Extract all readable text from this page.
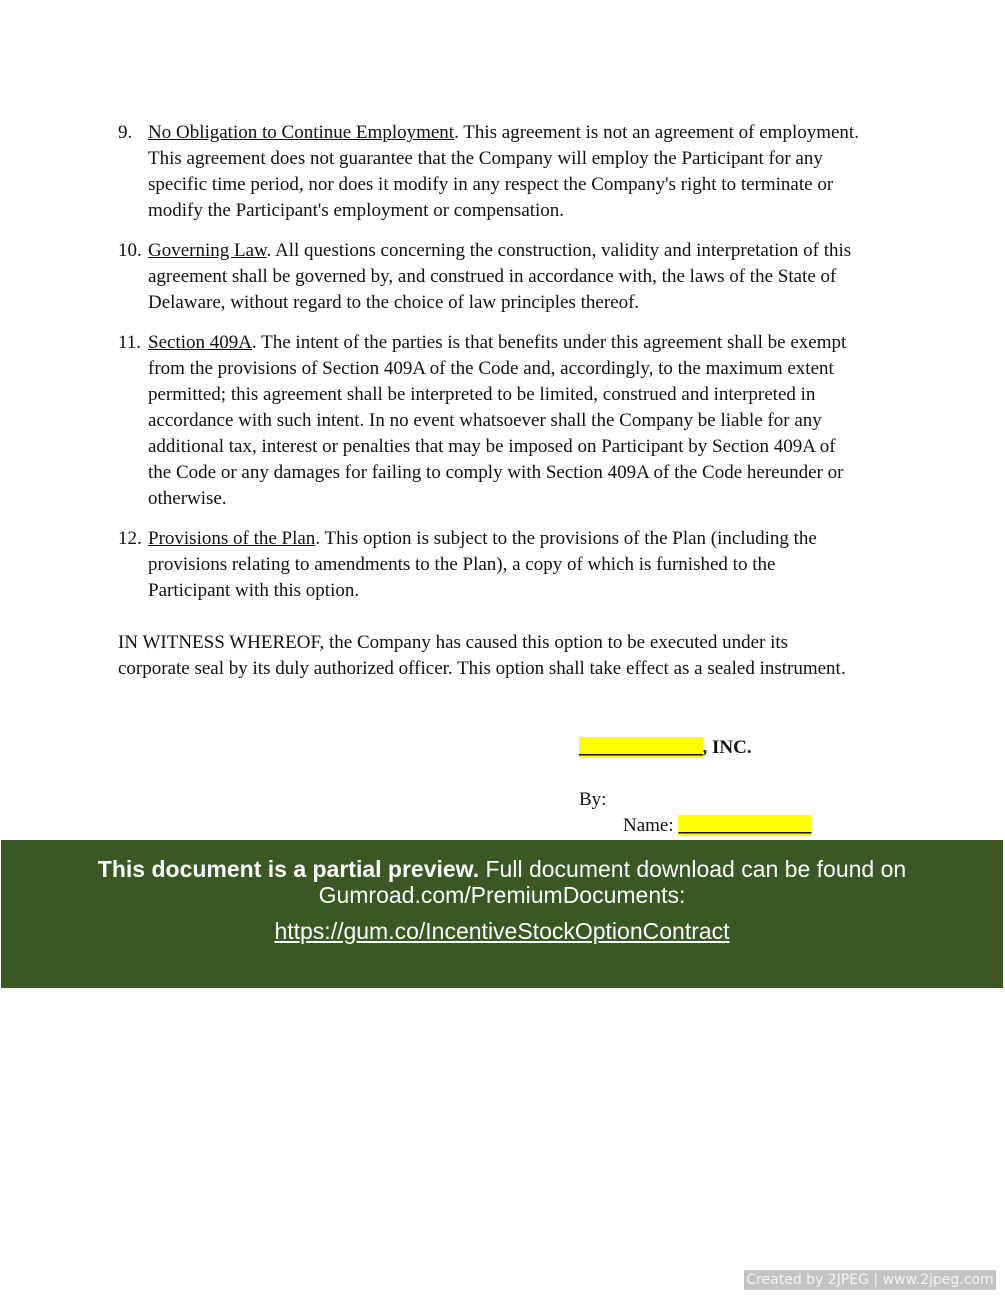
9. No Obligation to Continue Employment. This agreement is not an agreement of employment.
This agreement does not guarantee that the Company will employ the Participant for any
specific time period, nor does it modify in any respect the Company's right to terminate or
modify the Participant's employment or compensation.
10. Governing Law. All questions concerning the construction, validity and interpretation of this
agreement shall be governed by, and construed in accordance with, the laws of the State of
Delaware, without regard to the choice of law principles thereof.
11. Section 409A. The intent of the parties is that benefits under this agreement shall be exempt
from the provisions of Section 409A of the Code and, accordingly, to the maximum extent
permitted; this agreement shall be interpreted to be limited, construed and interpreted in
accordance with such intent. In no event whatsoever shall the Company be liable for any
additional tax, interest or penalties that may be imposed on Participant by Section 409A of
the Code or any damages for failing to comply with Section 409A of the Code hereunder or
otherwise.
12. Provisions of the Plan. This option is subject to the provisions of the Plan (including the
provisions relating to amendments to the Plan), a copy of which is furnished to the
Participant with this option.
IN WITNESS WHEREOF, the Company has caused this option to be executed under its
corporate seal by its duly authorized officer. This option shall take effect as a sealed instrument.
_____________, INC.
By:
Name: ______________
This document is a partial preview. Full document download can be found on
Gumroad.com/PremiumDocuments:
https://gum.co/IncentiveStockOptionContract
Created by 2JPEG | www.2jpeg.com
